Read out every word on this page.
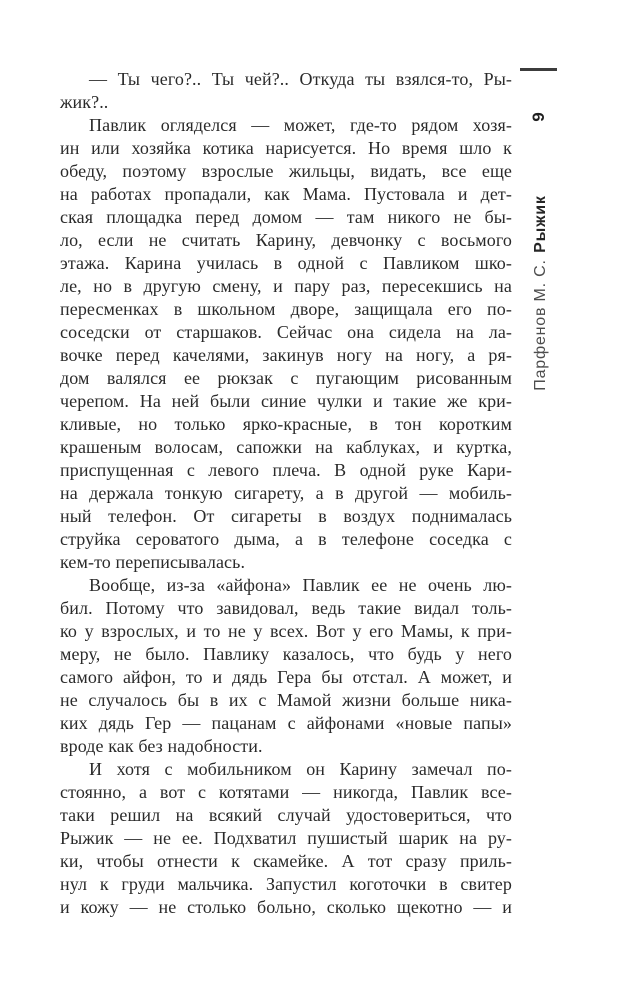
9
Парфенов М. С.Рыжик
— Ты чего?.. Ты чей?.. Откуда ты взялся-то, Ры-
жик?..
Павлик огляделся — может, где-то рядом хозя-
ин или хозяйка котика нарисуется. Но время шло к
обеду, поэтому взрослые жильцы, видать, все еще
на работах пропадали, как Мама. Пустовала и дет-
ская площадка перед домом — там никого не бы-
ло, если не считать Карину, девчонку с восьмого
этажа. Карина училась в одной с Павликом шко-
ле, но в другую смену, и пару раз, пересекшись на
пересменках в школьном дворе, защищала его по-
соседски от старшаков. Сейчас она сидела на ла-
вочке перед качелями, закинув ногу на ногу, а ря-
дом валялся ее рюкзак с пугающим рисованным
черепом. На ней были синие чулки и такие же кри-
кливые, но только ярко-красные, в тон коротким
крашеным волосам, сапожки на каблуках, и куртка,
приспущенная с левого плеча. В одной руке Кари-
на держала тонкую сигарету, а в другой — мобиль-
ный телефон. От сигареты в воздух поднималась
струйка сероватого дыма, а в телефоне соседка с
кем-то переписывалась.
Вообще, из-за «айфона» Павлик ее не очень лю-
бил. Потому что завидовал, ведь такие видал толь-
ко у взрослых, и то не у всех. Вот у его Мамы, к при-
меру, не было. Павлику казалось, что будь у него
самого айфон, то и дядь Гера бы отстал. А может, и
не случалось бы в их с Мамой жизни больше ника-
ких дядь Гер — пацанам с айфонами «новые папы»
вроде как без надобности.
И хотя с мобильником он Карину замечал по-
стоянно, а вот с котятами — никогда, Павлик все-
таки решил на всякий случай удостовериться, что
Рыжик — не ее. Подхватил пушистый шарик на ру-
ки, чтобы отнести к скамейке. А тот сразу приль-
нул к груди мальчика. Запустил коготочки в свитер
и кожу — не столько больно, сколько щекотно — и
